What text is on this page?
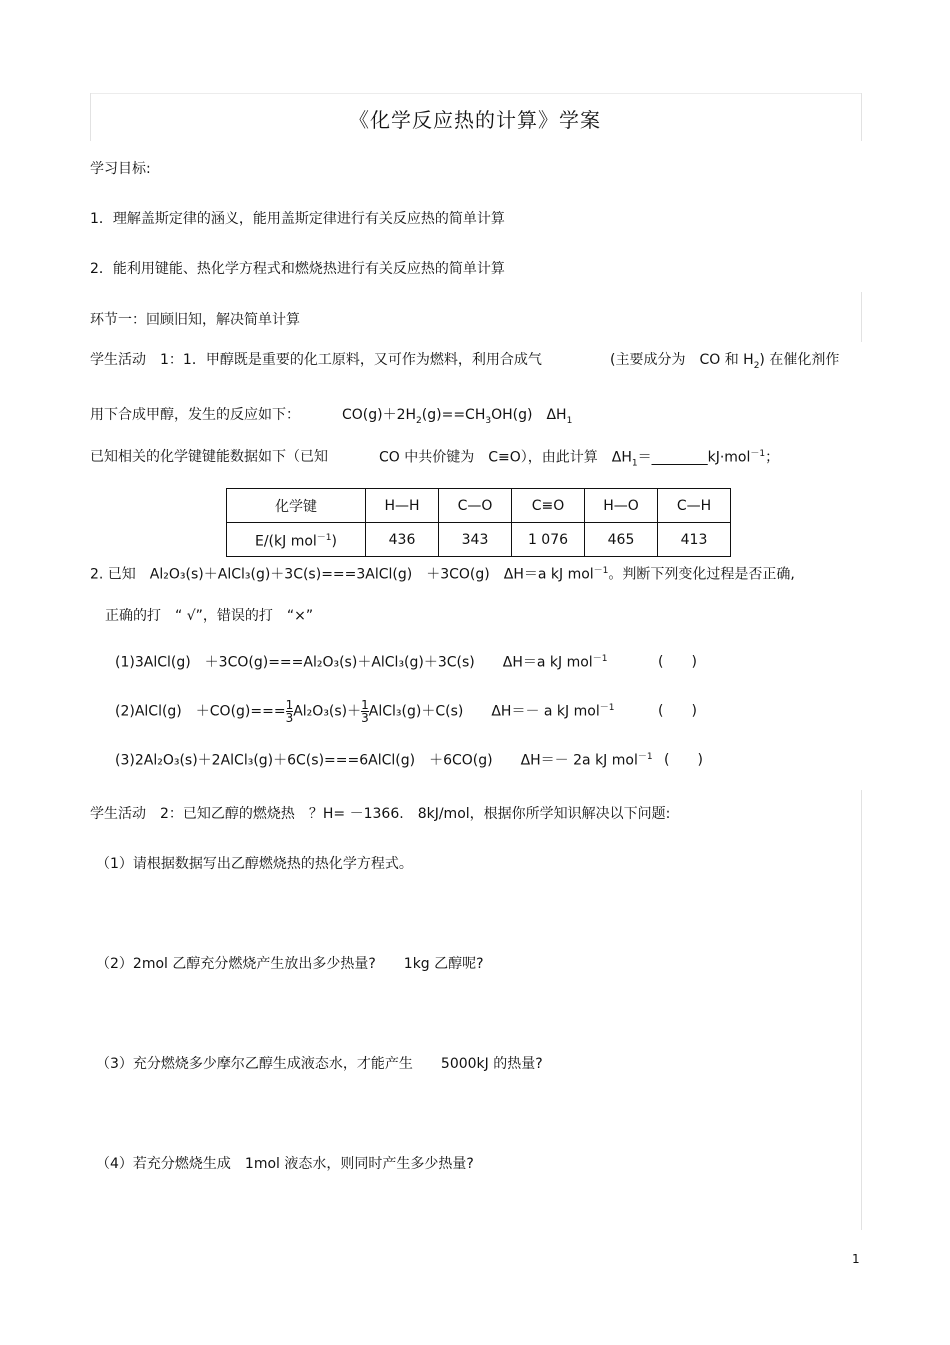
《化学反应热的计算》学案
学习目标:
1．理解盖斯定律的涵义，能用盖斯定律进行有关反应热的简单计算
2．能利用键能、热化学方程式和燃烧热进行有关反应热的简单计算
环节一：回顾旧知，解决简单计算
学生活动　1：1．甲醇既是重要的化工原料，又可作为燃料，利用合成气	(主要成分为　CO 和 $H_2$) 在催化剂作
用下合成甲醇，发生的反应如下：	$CO(g)+2H_2(g)==CH_3OH(g)$　$\Delta H_1$
已知相关的化学键键能数据如下（已知	CO 中共价键为　C≡O），由此计算　$\Delta H_1=\_\_\_\_\_\_\_\_kJ\cdot mol^{-1}$；
化学键	H—H	C—O	C≡O	H—O	C—H
E/(kJ mol$^{-1}$)	436	343	1 076	465	413
2. 已知　Al₂O₃(s)＋AlCl₃(g)＋3C(s)===3AlCl(g)　＋3CO(g)　ΔH＝a kJ mol$^{-1}$。判断下列变化过程是否正确,
正确的打　“ √”，错误的打　“×”
(1)3AlCl(g)　＋3CO(g)===Al₂O₃(s)＋AlCl₃(g)＋3C(s)　　ΔH＝a kJ mol$^{-1}$	(　　)
(2)AlCl(g)　$+CO(g)=== \frac{1}{3} Al_2O_3(s)+ \frac{1}{3}$ AlCl₃(g)＋C(s)　　ΔH＝－ a kJ mol$^{-1}$	(　　)
(3)2Al₂O₃(s)＋2AlCl₃(g)＋6C(s)===6AlCl(g)　＋6CO(g)　　ΔH＝－ 2a kJ mol$^{-1}$ (　　)
学生活动　2：已知乙醇的燃烧热　？H= －1366.　8kJ/mol，根据你所学知识解决以下问题:
（1）请根据数据写出乙醇燃烧热的热化学方程式。
（2）2mol 乙醇充分燃烧产生放出多少热量?　　1kg 乙醇呢?
（3）充分燃烧多少摩尔乙醇生成液态水，才能产生　　5000kJ 的热量?
（4）若充分燃烧生成　1mol 液态水，则同时产生多少热量?
1
